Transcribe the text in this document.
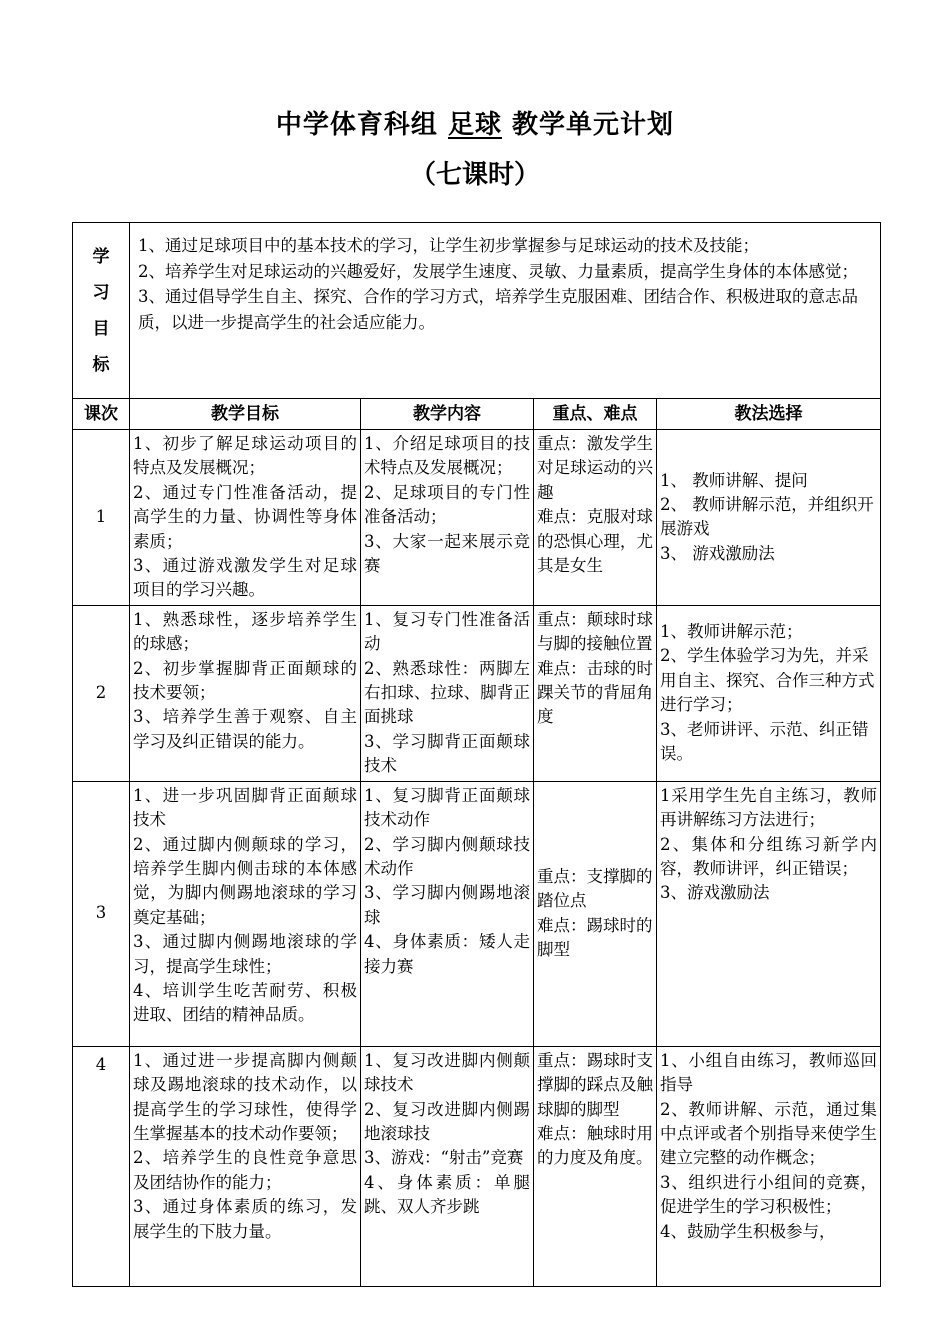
中学体育科组 足球 教学单元计划
（七课时）
学
习
目
标	1、通过足球项目中的基本技术的学习，让学生初步掌握参与足球运动的技术及技能；
2、培养学生对足球运动的兴趣爱好，发展学生速度、灵敏、力量素质，提高学生身体的本体感觉；
3、通过倡导学生自主、探究、合作的学习方式，培养学生克服困难、团结合作、积极进取的意志品质，以进一步提高学生的社会适应能力。			

课次	教学目标	教学内容	重点、难点	教法选择
1	1、初步了解足球运动项目的特点及发展概况；
2、通过专门性准备活动，提高学生的力量、协调性等身体素质；
3、通过游戏激发学生对足球项目的学习兴趣。	1、介绍足球项目的技术特点及发展概况；
2、足球项目的专门性准备活动；
3、大家一起来展示竞赛	重点：激发学生对足球运动的兴趣
难点：克服对球的恐惧心理，尤其是女生	1、 教师讲解、提问
2、 教师讲解示范，并组织开展游戏
3、 游戏激励法

2	1、熟悉球性，逐步培养学生的球感；
2、初步掌握脚背正面颠球的技术要领；
3、培养学生善于观察、自主学习及纠正错误的能力。	1、复习专门性准备活动
2、熟悉球性：两脚左右扣球、拉球、脚背正面挑球
3、学习脚背正面颠球技术	重点：颠球时球与脚的接触位置
难点：击球的时踝关节的背屈角度	1、教师讲解示范；
2、学生体验学习为先，并采用自主、探究、合作三种方式进行学习；
3、老师讲评、示范、纠正错误。

3	1、进一步巩固脚背正面颠球技术
2、通过脚内侧颠球的学习，培养学生脚内侧击球的本体感觉，为脚内侧踢地滚球的学习奠定基础；
3、通过脚内侧踢地滚球的学习，提高学生球性；
4、培训学生吃苦耐劳、积极进取、团结的精神品质。	1、复习脚背正面颠球技术动作
2、学习脚内侧颠球技术动作
3、学习脚内侧踢地滚球
4、身体素质：矮人走接力赛	重点：支撑脚的踏位点
难点：踢球时的脚型	1采用学生先自主练习，教师再讲解练习方法进行；
2、集体和分组练习新学内容，教师讲评，纠正错误；
3、游戏激励法

4	1、通过进一步提高脚内侧颠球及踢地滚球的技术动作，以提高学生的学习球性，使得学生掌握基本的技术动作要领；
2、培养学生的良性竞争意思及团结协作的能力；
3、通过身体素质的练习，发展学生的下肢力量。	1、复习改进脚内侧颠球技术
2、复习改进脚内侧踢地滚球技
3、游戏：“射击”竞赛
4、身体素质：单腿跳、双人齐步跳	重点：踢球时支撑脚的踩点及触球脚的脚型
难点：触球时用的力度及角度。	1、小组自由练习，教师巡回指导
2、教师讲解、示范，通过集中点评或者个别指导来使学生建立完整的动作概念；
3、组织进行小组间的竞赛，促进学生的学习积极性；
4、鼓励学生积极参与，
